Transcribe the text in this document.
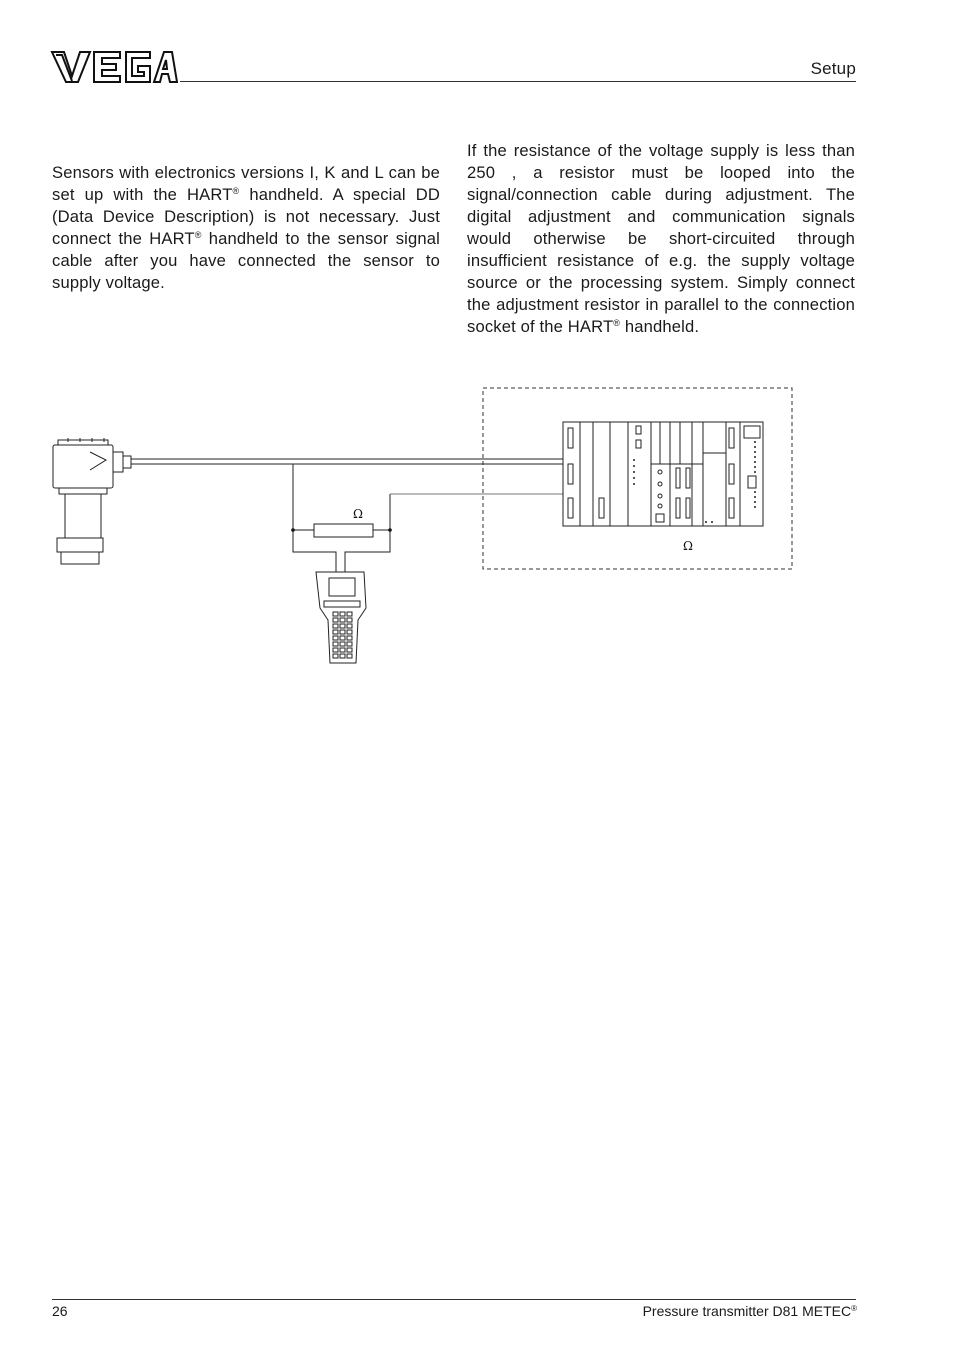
Setup
Sensors with electronics versions I, K and L can be set up with the HART® handheld. A special DD (Data Device Description) is not necessary. Just connect the HART® handheld to the sensor signal cable after you have connected the sensor to supply voltage.
If the resistance of the voltage supply is less than 250 , a resistor must be looped into the signal/connection cable during adjustment. The digital adjustment and communication signals would otherwise be short-circuited through insufficient resistance of e.g. the supply voltage source or the processing system. Simply connect the adjustment resistor in parallel to the connection socket of the HART® handheld.
Ω
Ω
26	Pressure transmitter D81 METEC®
